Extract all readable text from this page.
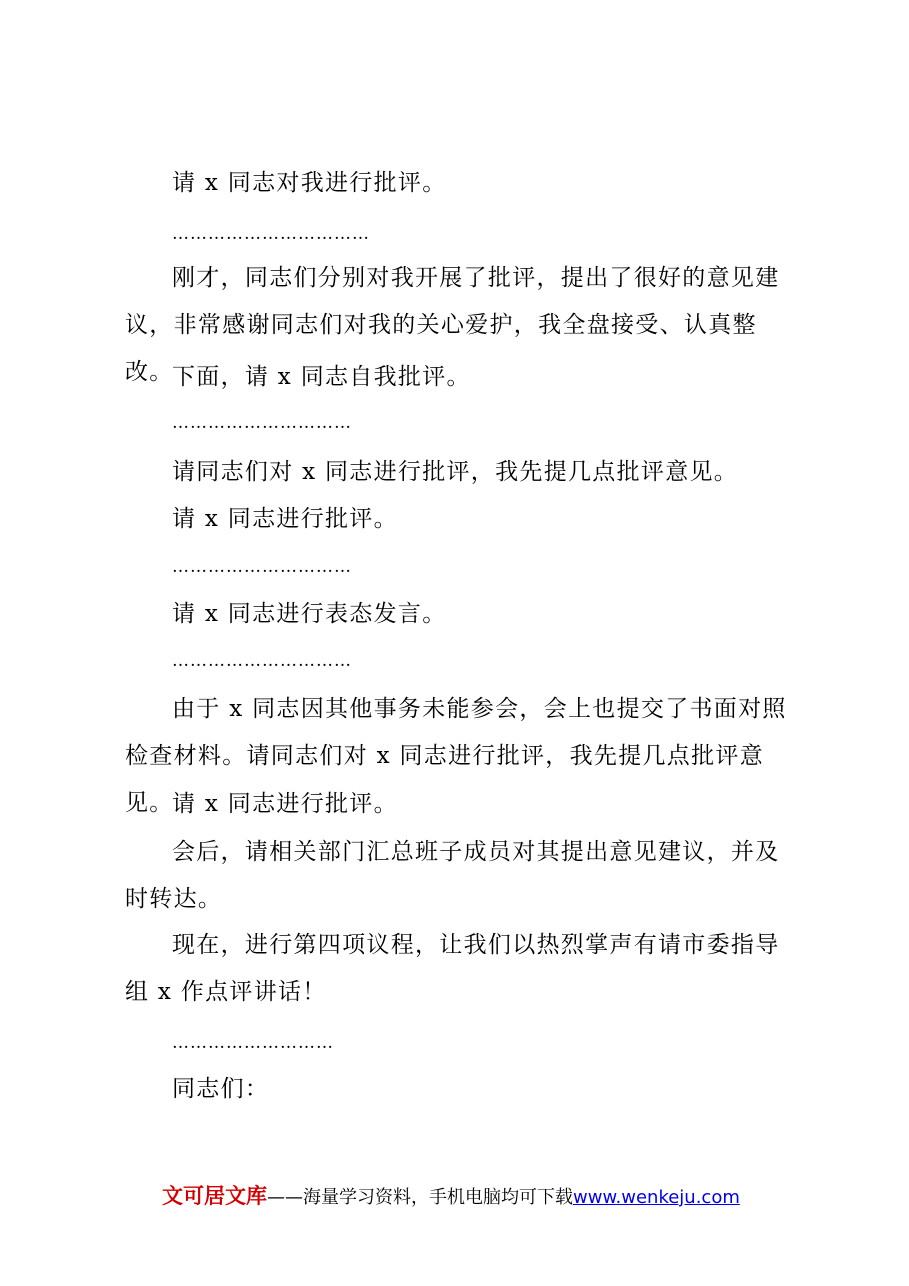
请 x 同志对我进行批评。

……………………………

刚才，同志们分别对我开展了批评，提出了很好的意见建议，非常感谢同志们对我的关心爱护，我全盘接受、认真整改。

下面，请 x 同志自我批评。

…………………………

请同志们对 x 同志进行批评，我先提几点批评意见。

请 x 同志进行批评。

…………………………

请 x 同志进行表态发言。

…………………………

由于 x 同志因其他事务未能参会，会上也提交了书面对照检查材料。请同志们对 x 同志进行批评，我先提几点批评意见。

请 x 同志进行批评。

会后，请相关部门汇总班子成员对其提出意见建议，并及时转达。

现在，进行第四项议程，让我们以热烈掌声有请市委指导组 x 作点评讲话！

………………………

同志们：

文可居文库——海量学习资料，手机电脑均可下载www.wenkeju.com
